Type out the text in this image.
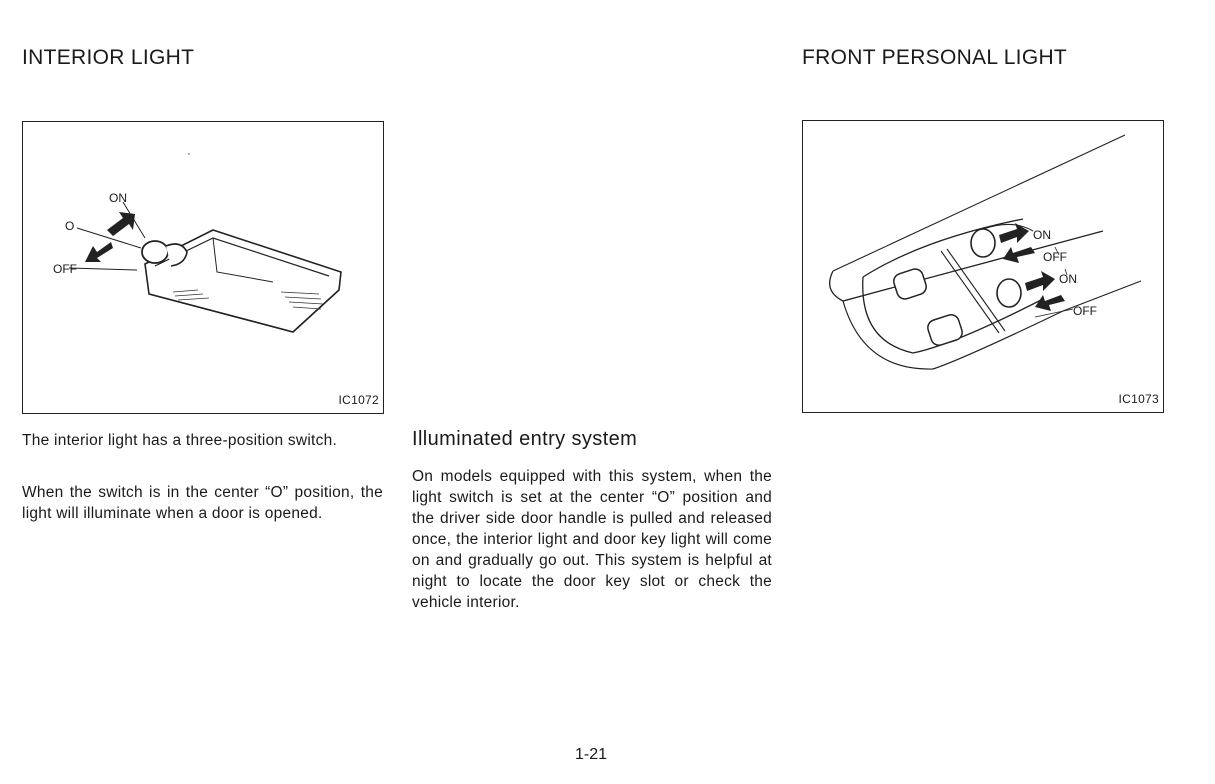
INTERIOR LIGHT	FRONT PERSONAL LIGHT
ON
O
OFF
IC1072
ON
OFF
ON
OFF
IC1073

The interior light has a three-position switch.

When the switch is in the center “O” position, the light will illuminate when a door is opened.

Illuminated entry system

On models equipped with this system, when the light switch is set at the center “O” position and the driver side door handle is pulled and released once, the interior light and door key light will come on and gradually go out. This system is helpful at night to locate the door key slot or check the vehicle interior.

1-21
